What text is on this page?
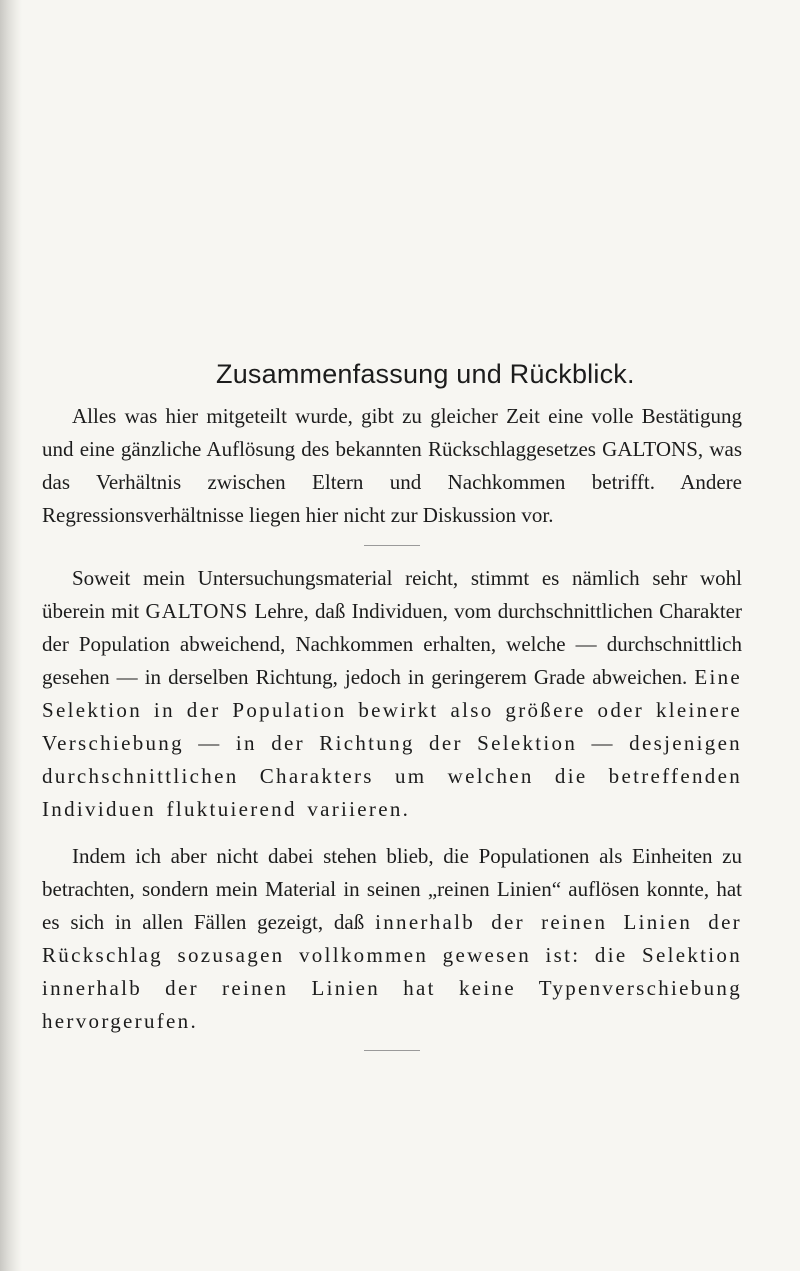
Zusammenfassung und Rückblick.

Alles was hier mitgeteilt wurde, gibt zu gleicher Zeit eine volle Bestätigung und eine gänzliche Auflösung des bekannten Rückschlaggesetzes GALTONS, was das Verhältnis zwischen Eltern und Nachkommen betrifft. Andere Regressionsverhältnisse liegen hier nicht zur Diskussion vor.

Soweit mein Untersuchungsmaterial reicht, stimmt es nämlich sehr wohl überein mit GALTONS Lehre, daß Individuen, vom durchschnittlichen Charakter der Population abweichend, Nachkommen erhalten, welche — durchschnittlich gesehen — in derselben Richtung, jedoch in geringerem Grade abweichen. Eine Selektion in der Population bewirkt also größere oder kleinere Verschiebung — in der Richtung der Selektion — desjenigen durchschnittlichen Charakters um welchen die betreffenden Individuen fluktuierend variieren.

Indem ich aber nicht dabei stehen blieb, die Populationen als Einheiten zu betrachten, sondern mein Material in seinen „reinen Linien“ auflösen konnte, hat es sich in allen Fällen gezeigt, daß innerhalb der reinen Linien der Rückschlag sozusagen vollkommen gewesen ist: die Selektion innerhalb der reinen Linien hat keine Typenverschiebung hervorgerufen.
